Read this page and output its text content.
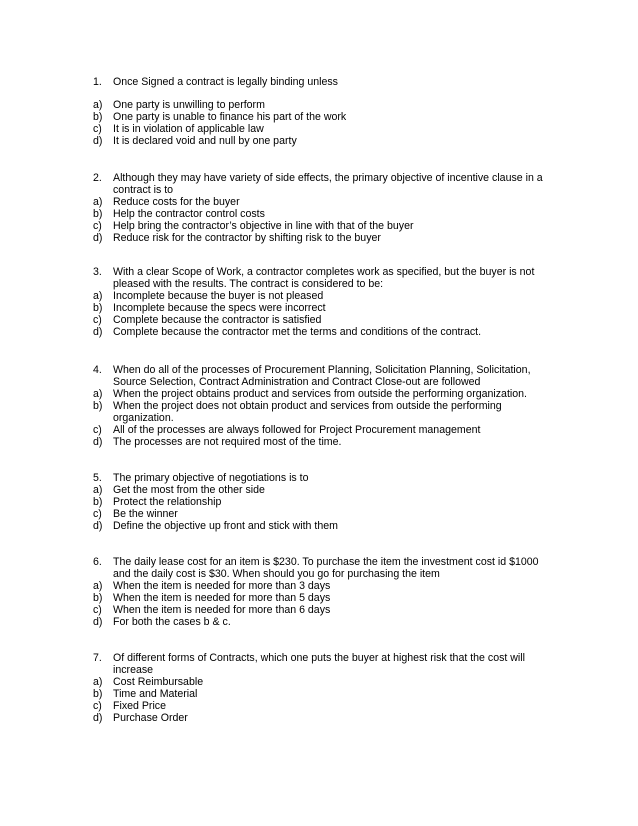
1. Once Signed a contract is legally binding unless
a) One party is unwilling to perform
b) One party is unable to finance his part of the work
c) It is in violation of applicable law
d) It is declared void and null by one party
2. Although they may have variety of side effects, the primary objective of incentive clause in a contract is to
a) Reduce costs for the buyer
b) Help the contractor control costs
c) Help bring the contractor’s objective in line with that of the buyer
d) Reduce risk for the contractor by shifting risk to the buyer
3. With a clear Scope of Work, a contractor completes work as specified, but the buyer is not pleased with the results. The contract is considered to be:
a) Incomplete because the buyer is not pleased
b) Incomplete because the specs were incorrect
c) Complete because the contractor is satisfied
d) Complete because the contractor met the terms and conditions of the contract.
4. When do all of the processes of Procurement Planning, Solicitation Planning, Solicitation, Source Selection, Contract Administration and Contract Close-out are followed
a) When the project obtains product and services from outside the performing organization.
b) When the project does not obtain product and services from outside the performing organization.
c) All of the processes are always followed for Project Procurement management
d) The processes are not required most of the time.
5. The primary objective of negotiations is to
a) Get the most from the other side
b) Protect the relationship
c) Be the winner
d) Define the objective up front and stick with them
6. The daily lease cost for an item is $230. To purchase the item the investment cost id $1000 and the daily cost is $30. When should you go for purchasing the item
a) When the item is needed for more than 3 days
b) When the item is needed for more than 5 days
c) When the item is needed for more than 6 days
d) For both the cases b & c.
7. Of different forms of Contracts, which one puts the buyer at highest risk that the cost will increase
a) Cost Reimbursable
b) Time and Material
c) Fixed Price
d) Purchase Order
